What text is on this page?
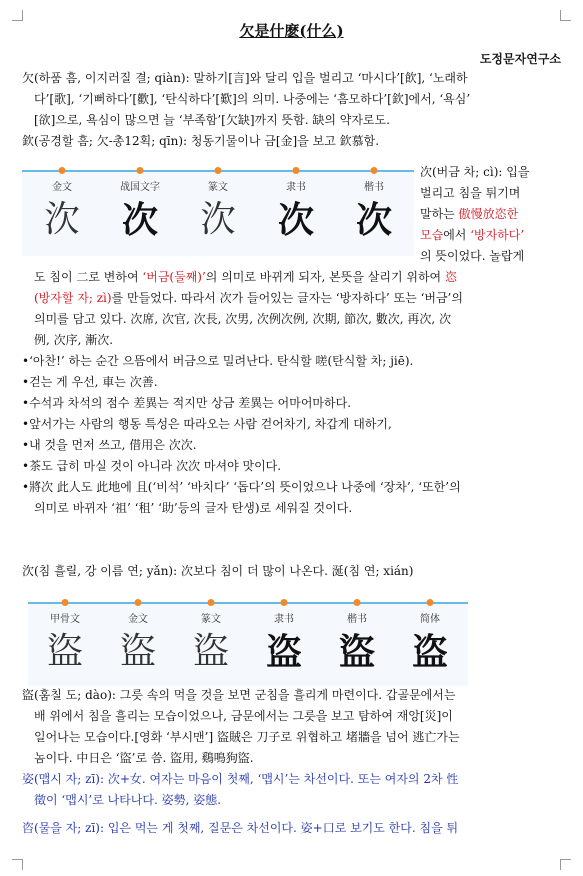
欠是什麽(什么)
도정문자연구소
欠(하품 흠, 이지러질 결; qiàn): 말하기[言]와 달리 입을 벌리고 ‘마시다’[飮], ‘노래하
다’[歌], ‘기뻐하다’[歡], ‘탄식하다’[歎]의 의미. 나중에는 ‘흠모하다’[欽]에서, ‘욕심’
[欲]으로, 욕심이 많으면 늘 ‘부족함’[欠缺]까지 뜻함. 缺의 약자로도.
欽(공경할 흠; 欠-총12획; qīn): 청동기물이나 금[金]을 보고 欽慕함.
金文	战国文字	篆文	隶书	楷书
㳄 次 㳄 次 次
次(버금 차; cì): 입을
벌리고 침을 튀기며
말하는 傲慢放恣한
모습에서 ‘방자하다’
의 뜻이었다. 놀랍게
도 침이 二로 변하여 ‘버금(둘째)’의 의미로 바뀌게 되자, 본뜻을 살리기 위하여 恣
(방자할 자; zì)를 만들었다. 따라서 次가 들어있는 글자는 ‘방자하다’ 또는 ‘버금’의
의미를 담고 있다. 次席, 次官, 次長, 次男, 次例次例, 次期, 節次, 數次, 再次, 次
例, 次序, 漸次.
•‘아찬!’ 하는 순간 으뜸에서 버금으로 밀려난다. 탄식할 嗟(탄식할 차; jiē).
•걷는 게 우선, 車는 次善.
•수석과 차석의 점수 差異는 적지만 상금 差異는 어마어마하다.
•앞서가는 사람의 행동 특성은 따라오는 사람 걷어차기, 차갑게 대하기,
•내 것을 먼저 쓰고, 借用은 次次.
•茶도 급히 마실 것이 아니라 次次 마셔야 맛이다.
•將次 此人도 此地에 且(‘비석’ ‘바치다’ ‘돕다’의 뜻이었으나 나중에 ‘장차’, ‘또한’의
의미로 바뀌자 ‘祖’ ‘租’ ‘助’등의 글자 탄생)로 세워질 것이다.
㳄(침 흘릴, 강 이름 연; yǎn): 次보다 침이 더 많이 나온다. 涎(침 연; xián)
甲骨文	金文	篆文	隶书	楷书	简体
盜 盜 盜 盗 盜 盗
盜(훔칠 도; dào): 그릇 속의 먹을 것을 보면 군침을 흘리게 마련이다. 갑골문에서는
배 위에서 침을 흘리는 모습이었으나, 금문에서는 그릇을 보고 탐하여 재앙[災]이
일어나는 모습이다.[영화 ‘부시맨’] 盜賊은 刀子로 위협하고 堵牆을 넘어 逃亡가는
놈이다. 中日은 ‘盜’로 씀. 盜用, 鷄鳴狗盜.
姿(맵시 자; zī): 次+女. 여자는 마음이 첫째, ‘맵시’는 차선이다. 또는 여자의 2차 性
徵이 ‘맵시’로 나타나다. 姿勢, 姿態.
咨(물을 자; zī): 입은 먹는 게 첫째, 질문은 차선이다. 姿+口로 보기도 한다. 침을 튀
